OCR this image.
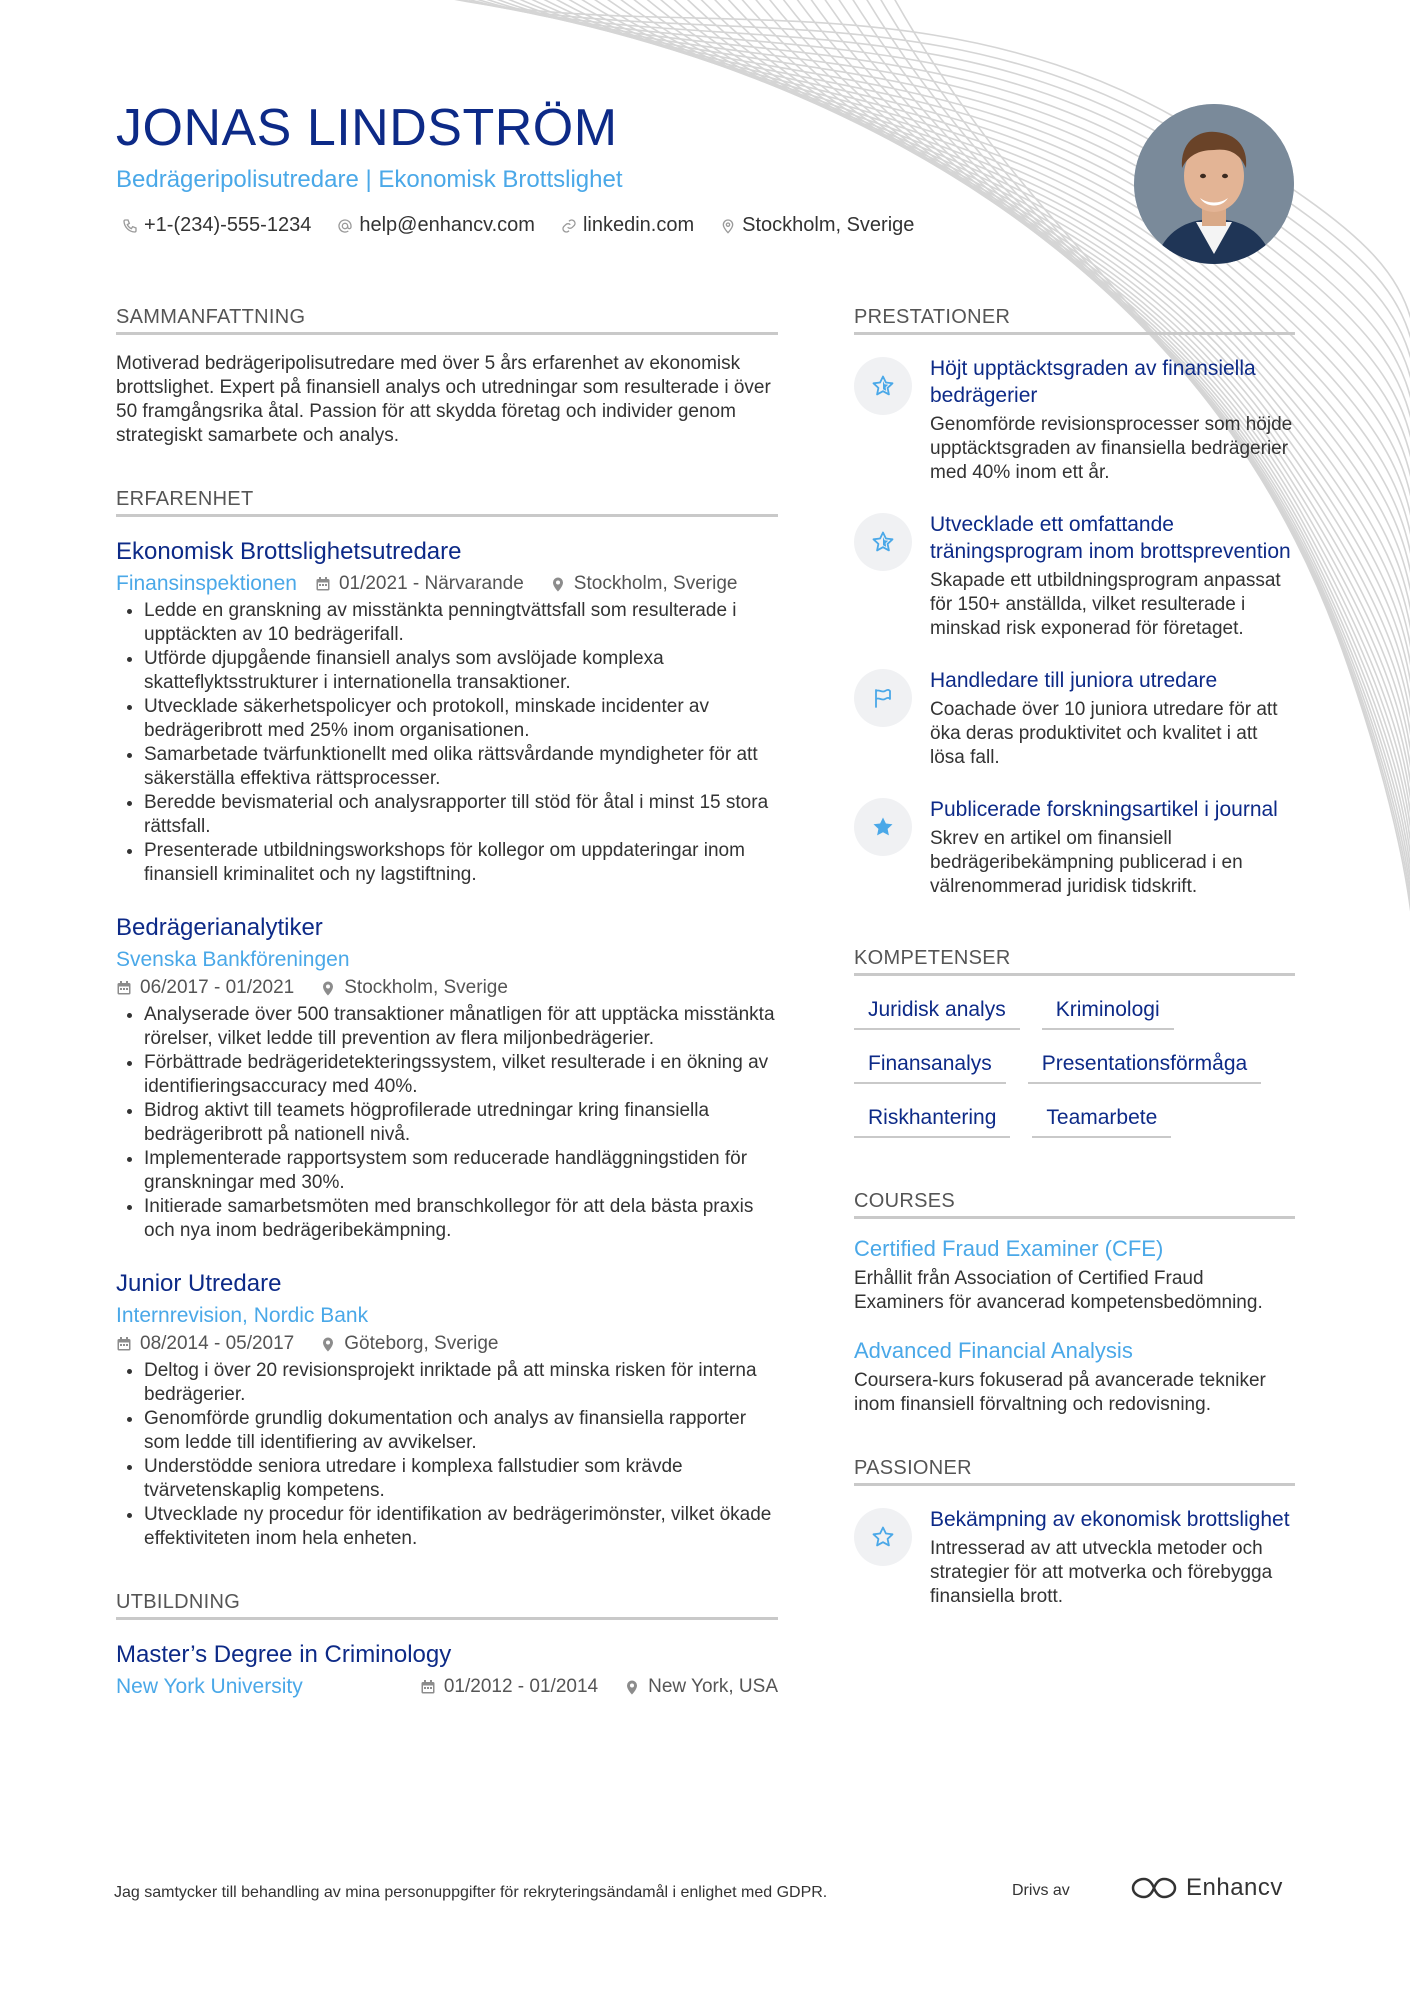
JONAS LINDSTRÖM
Bedrägeripolisutredare | Ekonomisk Brottslighet
+1-(234)-555-1234 help@enhancv.com linkedin.com Stockholm, Sverige
SAMMANFATTNING
Motiverad bedrägeripolisutredare med över 5 års erfarenhet av ekonomisk brottslighet. Expert på finansiell analys och utredningar som resulterade i över 50 framgångsrika åtal. Passion för att skydda företag och individer genom strategiskt samarbete och analys.
ERFARENHET
Ekonomisk Brottslighetsutredare
Finansinspektionen 01/2021 - Närvarande	Stockholm, Sverige
• Ledde en granskning av misstänkta penningtvättsfall som resulterade i upptäckten av 10 bedrägerifall.
• Utförde djupgående finansiell analys som avslöjade komplexa skatteflyktsstrukturer i internationella transaktioner.
• Utvecklade säkerhetspolicyer och protokoll, minskade incidenter av bedrägeribrott med 25% inom organisationen.
• Samarbetade tvärfunktionellt med olika rättsvårdande myndigheter för att säkerställa effektiva rättsprocesser.
• Beredde bevismaterial och analysrapporter till stöd för åtal i minst 15 stora rättsfall.
• Presenterade utbildningsworkshops för kollegor om uppdateringar inom finansiell kriminalitet och ny lagstiftning.
Bedrägerianalytiker
Svenska Bankföreningen
06/2017 - 01/2021	Stockholm, Sverige
• Analyserade över 500 transaktioner månatligen för att upptäcka misstänkta rörelser, vilket ledde till prevention av flera miljonbedrägerier.
• Förbättrade bedrägeridetekteringssystem, vilket resulterade i en ökning av identifieringsaccuracy med 40%.
• Bidrog aktivt till teamets högprofilerade utredningar kring finansiella bedrägeribrott på nationell nivå.
• Implementerade rapportsystem som reducerade handläggningstiden för granskningar med 30%.
• Initierade samarbetsmöten med branschkollegor för att dela bästa praxis och nya inom bedrägeribekämpning.
Junior Utredare
Internrevision, Nordic Bank
08/2014 - 05/2017	Göteborg, Sverige
• Deltog i över 20 revisionsprojekt inriktade på att minska risken för interna bedrägerier.
• Genomförde grundlig dokumentation och analys av finansiella rapporter som ledde till identifiering av avvikelser.
• Understödde seniora utredare i komplexa fallstudier som krävde tvärvetenskaplig kompetens.
• Utvecklade ny procedur för identifikation av bedrägerimönster, vilket ökade effektiviteten inom hela enheten.
UTBILDNING
Master’s Degree in Criminology
New York University	01/2012 - 01/2014	New York, USA
PRESTATIONER
Höjt upptäcktsgraden av finansiella bedrägerier
Genomförde revisionsprocesser som höjde upptäcktsgraden av finansiella bedrägerier med 40% inom ett år.
Utvecklade ett omfattande träningsprogram inom brottsprevention
Skapade ett utbildningsprogram anpassat för 150+ anställda, vilket resulterade i minskad risk exponerad för företaget.
Handledare till juniora utredare
Coachade över 10 juniora utredare för att öka deras produktivitet och kvalitet i att lösa fall.
Publicerade forskningsartikel i journal
Skrev en artikel om finansiell bedrägeribekämpning publicerad i en välrenommerad juridisk tidskrift.
KOMPETENSER
Juridisk analys	Kriminologi
Finansanalys	Presentationsförmåga
Riskhantering	Teamarbete
COURSES
Certified Fraud Examiner (CFE)
Erhållit från Association of Certified Fraud Examiners för avancerad kompetensbedömning.
Advanced Financial Analysis
Coursera-kurs fokuserad på avancerade tekniker inom finansiell förvaltning och redovisning.
PASSIONER
Bekämpning av ekonomisk brottslighet
Intresserad av att utveckla metoder och strategier för att motverka och förebygga finansiella brott.
Jag samtycker till behandling av mina personuppgifter för rekryteringsändamål i enlighet med GDPR.	Drivs av	Enhancv
